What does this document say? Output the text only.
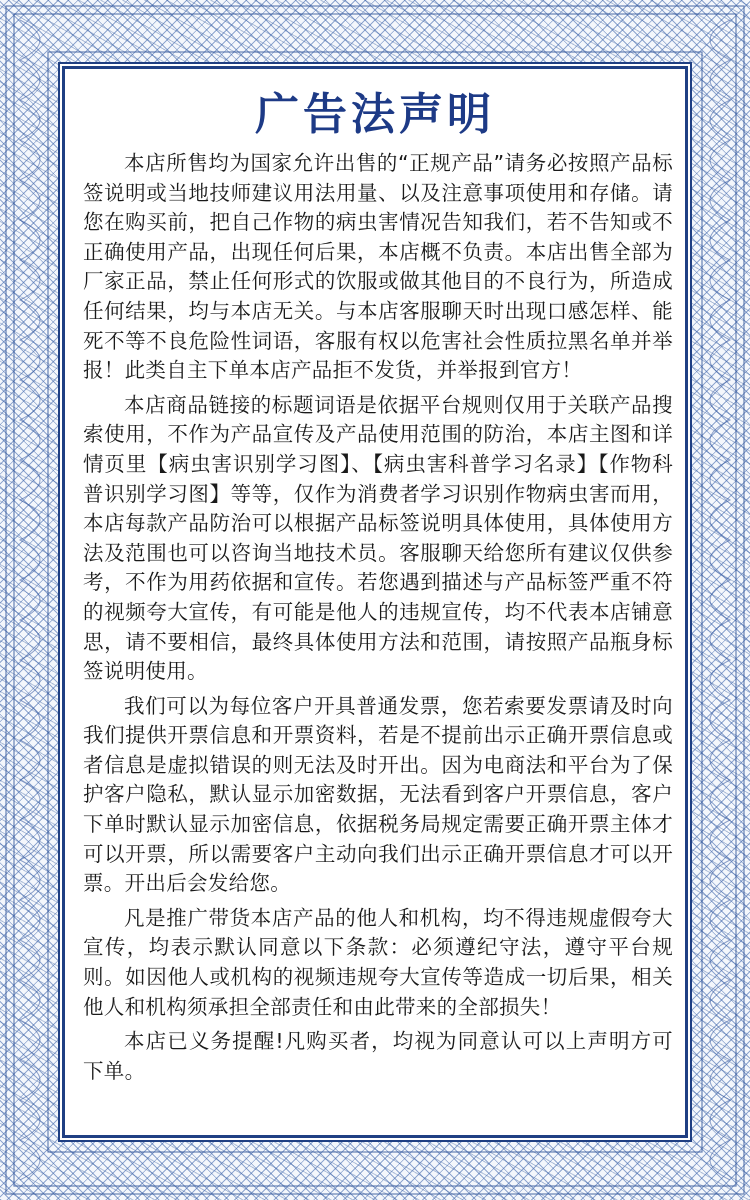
广告法声明

本店所售均为国家允许出售的“正规产品”请务必按照产品标签说明或当地技师建议用法用量、以及注意事项使用和存储。请您在购买前，把自己作物的病虫害情况告知我们，若不告知或不正确使用产品，出现任何后果，本店概不负责。本店出售全部为厂家正品，禁止任何形式的饮服或做其他目的不良行为，所造成任何结果，均与本店无关。与本店客服聊天时出现口感怎样、能死不等不良危险性词语，客服有权以危害社会性质拉黑名单并举报！此类自主下单本店产品拒不发货，并举报到官方！

本店商品链接的标题词语是依据平台规则仅用于关联产品搜索使用，不作为产品宣传及产品使用范围的防治，本店主图和详情页里【病虫害识别学习图】、【病虫害科普学习名录】【作物科普识别学习图】等等，仅作为消费者学习识别作物病虫害而用，本店每款产品防治可以根据产品标签说明具体使用，具体使用方法及范围也可以咨询当地技术员。客服聊天给您所有建议仅供参考，不作为用药依据和宣传。若您遇到描述与产品标签严重不符的视频夸大宣传，有可能是他人的违规宣传，均不代表本店铺意思，请不要相信，最终具体使用方法和范围，请按照产品瓶身标签说明使用。

我们可以为每位客户开具普通发票，您若索要发票请及时向我们提供开票信息和开票资料，若是不提前出示正确开票信息或者信息是虚拟错误的则无法及时开出。因为电商法和平台为了保护客户隐私，默认显示加密数据，无法看到客户开票信息，客户下单时默认显示加密信息，依据税务局规定需要正确开票主体才可以开票，所以需要客户主动向我们出示正确开票信息才可以开票。开出后会发给您。

凡是推广带货本店产品的他人和机构，均不得违规虚假夸大宣传，均表示默认同意以下条款：必须遵纪守法，遵守平台规则。如因他人或机构的视频违规夸大宣传等造成一切后果，相关他人和机构须承担全部责任和由此带来的全部损失！

本店已义务提醒!凡购买者，均视为同意认可以上声明方可下单。
